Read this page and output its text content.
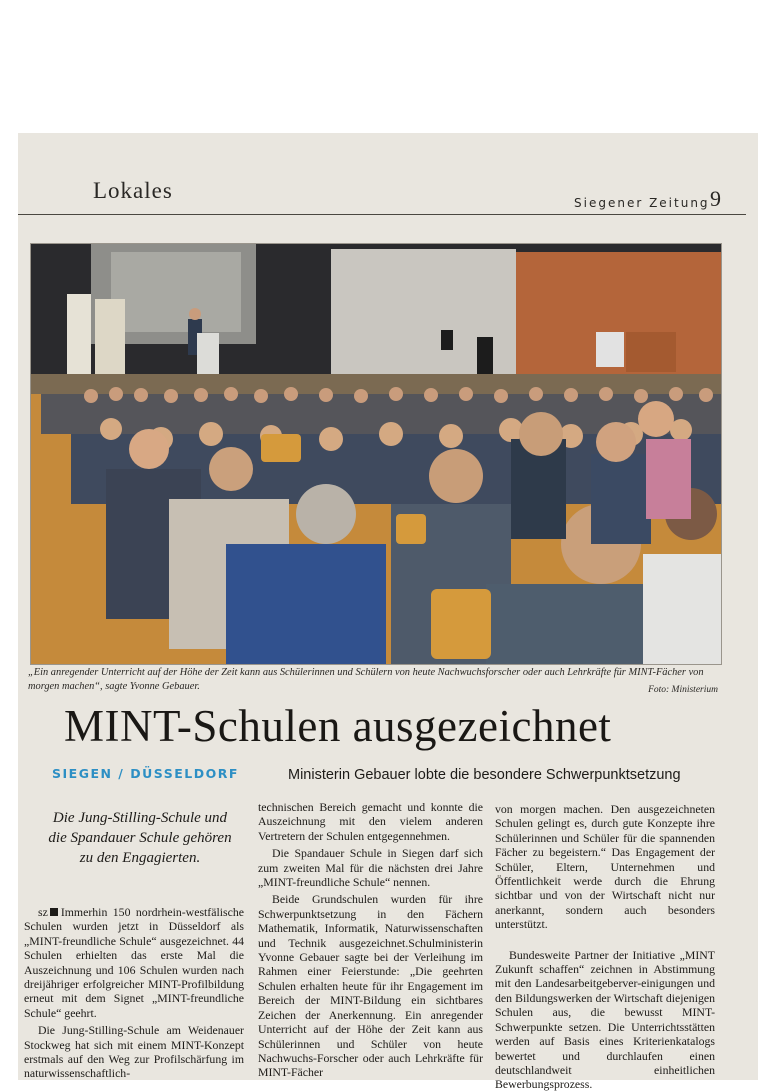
Lokales	Siegener Zeitung 9
„Ein anregender Unterricht auf der Höhe der Zeit kann aus Schülerinnen und Schülern von heute Nachwuchsforscher oder auch Lehrkräfte für MINT-Fächer von morgen machen“, sagte Yvonne Gebauer.	Foto: Ministerium
MINT-Schulen ausgezeichnet
SIEGEN / DÜSSELDORF	Ministerin Gebauer lobte die besondere Schwerpunktsetzung
Die Jung-Stilling-Schule und die Spandauer Schule gehören zu den Engagierten.

sz Immerhin 150 nordrhein-westfälische Schulen wurden jetzt in Düsseldorf als „MINT-freundliche Schule“ ausgezeichnet. 44 Schulen erhielten das erste Mal die Auszeichnung und 106 Schulen wurden nach dreijähriger erfolgreicher MINT-Profilbildung erneut mit dem Signet „MINT-freundliche Schule“ geehrt.

Die Jung-Stilling-Schule am Weidenauer Stockweg hat sich mit einem MINT-Konzept erstmals auf den Weg zur Profilschärfung im naturwissenschaftlich-

technischen Bereich gemacht und konnte die Auszeichnung mit den vielem anderen Vertretern der Schulen entgegennehmen.

Die Spandauer Schule in Siegen darf sich zum zweiten Mal für die nächsten drei Jahre „MINT-freundliche Schule“ nennen.

Beide Grundschulen wurden für ihre Schwerpunktsetzung in den Fächern Mathematik, Informatik, Naturwissenschaften und Technik ausgezeichnet.Schulministerin Yvonne Gebauer sagte bei der Verleihung im Rahmen einer Feierstunde: „Die geehrten Schulen erhalten heute für ihr Engagement im Bereich der MINT-Bildung ein sichtbares Zeichen der Anerkennung. Ein anregender Unterricht auf der Höhe der Zeit kann aus Schülerinnen und Schüler von heute Nachwuchs-Forscher oder auch Lehrkräfte für MINT-Fächer

von morgen machen. Den ausgezeichneten Schulen gelingt es, durch gute Konzepte ihre Schülerinnen und Schüler für die spannenden Fächer zu begeistern.“ Das Engagement der Schüler, Eltern, Unternehmen und Öffentlichkeit werde durch die Ehrung sichtbar und von der Wirtschaft nicht nur anerkannt, sondern auch besonders unterstützt.

Bundesweite Partner der Initiative „MINT Zukunft schaffen“ zeichnen in Abstimmung mit den Landesarbeitgeberver-einigungen und den Bildungswerken der Wirtschaft diejenigen Schulen aus, die bewusst MINT-Schwerpunkte setzen. Die Unterrichtsstätten werden auf Basis eines Kriterienkatalogs bewertet und durchlaufen einen deutschlandweit einheitlichen Bewerbungsprozess.
